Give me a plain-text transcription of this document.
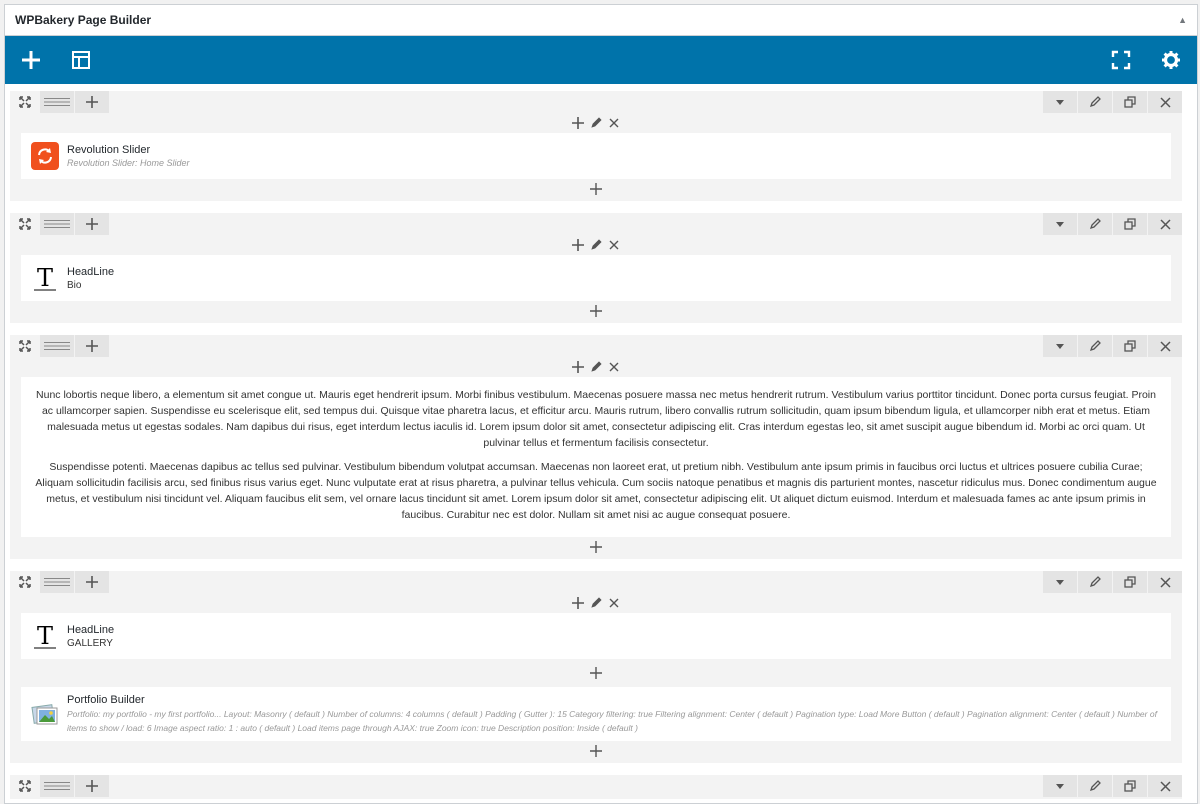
WPBakery Page Builder	▲
Revolution Slider
Revolution Slider: Home Slider
T HeadLine
Bio

Nunc lobortis neque libero, a elementum sit amet congue ut. Mauris eget hendrerit ipsum. Morbi finibus vestibulum. Maecenas posuere massa nec metus hendrerit rutrum. Vestibulum varius porttitor tincidunt. Donec porta cursus feugiat. Proin ac ullamcorper sapien. Suspendisse eu scelerisque elit, sed tempus dui. Quisque vitae pharetra lacus, et efficitur arcu. Mauris rutrum, libero convallis rutrum sollicitudin, quam ipsum bibendum ligula, et ullamcorper nibh erat et metus. Etiam malesuada metus ut egestas sodales. Nam dapibus dui risus, eget interdum lectus iaculis id. Lorem ipsum dolor sit amet, consectetur adipiscing elit. Cras interdum egestas leo, sit amet suscipit augue bibendum id. Morbi ac orci quam. Ut pulvinar tellus et fermentum facilisis consectetur.

Suspendisse potenti. Maecenas dapibus ac tellus sed pulvinar. Vestibulum bibendum volutpat accumsan. Maecenas non laoreet erat, ut pretium nibh. Vestibulum ante ipsum primis in faucibus orci luctus et ultrices posuere cubilia Curae; Aliquam sollicitudin facilisis arcu, sed finibus risus varius eget. Nunc vulputate erat at risus pharetra, a pulvinar tellus vehicula. Cum sociis natoque penatibus et magnis dis parturient montes, nascetur ridiculus mus. Donec condimentum augue metus, et vestibulum nisi tincidunt vel. Aliquam faucibus elit sem, vel ornare lacus tincidunt sit amet. Lorem ipsum dolor sit amet, consectetur adipiscing elit. Ut aliquet dictum euismod. Interdum et malesuada fames ac ante ipsum primis in faucibus. Curabitur nec est dolor. Nullam sit amet nisi ac augue consequat posuere.

T HeadLine
GALLERY
Portfolio Builder
Portfolio: my portfolio - my first portfolio... Layout: Masonry ( default ) Number of columns: 4 columns ( default ) Padding ( Gutter ): 15 Category filtering: true Filtering alignment: Center ( default ) Pagination type: Load More Button ( default ) Pagination alignment: Center ( default ) Number of items to show / load: 6 Image aspect ratio: 1 : auto ( default ) Load items page through AJAX: true Zoom icon: true Description position: Inside ( default )
